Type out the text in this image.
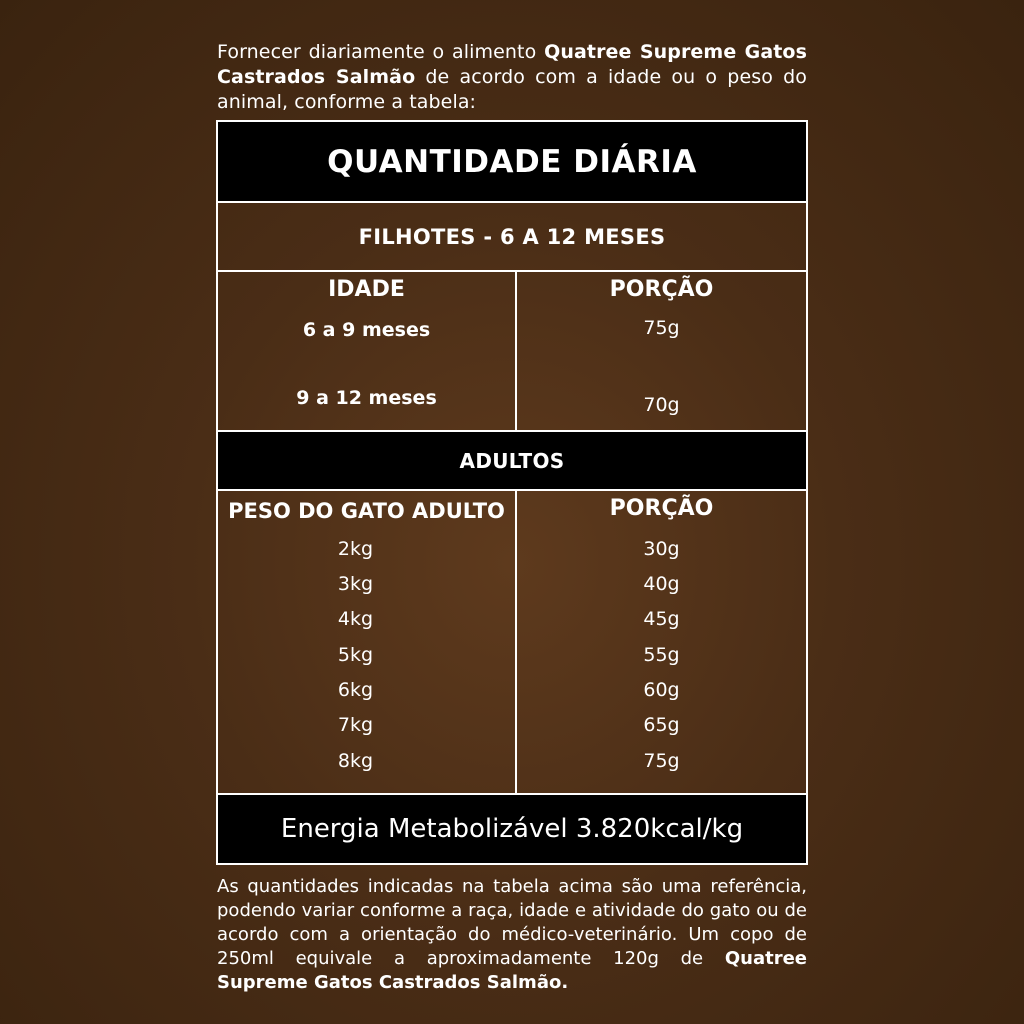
Fornecer diariamente o alimento Quatree Supreme Gatos Castrados Salmão de acordo com a idade ou o peso do animal, conforme a tabela:
QUANTIDADE DIÁRIA
FILHOTES - 6 A 12 MESES
IDADE	PORÇÃO
6 a 9 meses	75g
9 a 12 meses	70g
ADULTOS
PESO DO GATO ADULTO	PORÇÃO
2kg	30g
3kg	40g
4kg	45g
5kg	55g
6kg	60g
7kg	65g
8kg	75g
Energia Metabolizável 3.820kcal/kg
As quantidades indicadas na tabela acima são uma referência, podendo variar conforme a raça, idade e atividade do gato ou de acordo com a orientação do médico-veterinário. Um copo de 250ml equivale a aproximadamente 120g de Quatree Supreme Gatos Castrados Salmão.
